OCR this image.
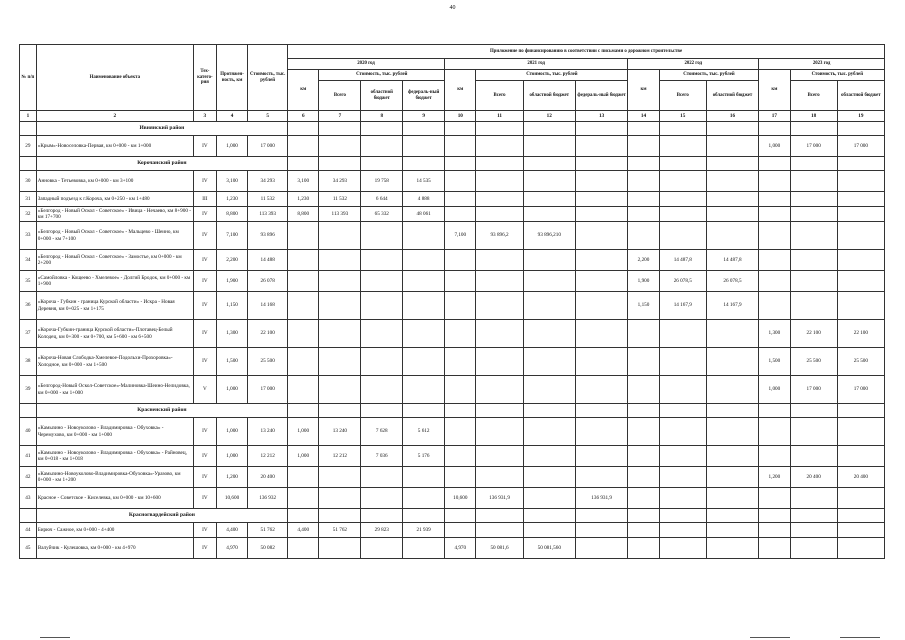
40
№ п/п	Наименование объекта	Тех-катего-рия	Протяжен-ность, км	Стоимость, тыс. рублей	Приложение по финансированию в соответствии с письмами о дорожном строительстве													
					2020 год				2021 год				2022 год			2023 год		
					км	Стоимость, тыс. рублей			км	Стоимость, тыс. рублей			км	Стоимость, тыс. рублей		км	Стоимость, тыс. рублей	
						Всего	областной бюджет	федераль-ный бюджет		Всего	областной бюджет	федераль-ный бюджет		Всего	областной бюджет		Всего	областной бюджет
1	2	3	4	5	6	7	8	9	10	11	12	13	14	15	16	17	18	19
	Ивнянский район																	
29	«Крым»-Новоселовка-Первая, км 0+000 - км 1+000	IV	1,000	17 000												1,000	17 000	17 000
	Корочанский район																	
30	Анновка - Тетьевовка, км 0+000 - км 3+100	IV	3,100	34 293	3,100	34 293	19 758	14 535										
31	Западный подъезд к г.Короча, км 0+250 - км 1+480	III	1,230	11 532	1,230	11 532	6 644	4 888										
32	«Белгород - Новый Оскол - Советское» - Ивица - Нечаево, км 8+900 - км 17+700	IV	8,800	113 393	8,800	113 393	65 332	48 061										
33	«Белгород - Новый Оскол - Советское» - Мальцево - Шеино, км 0+000 - км 7+100	IV	7,100	93 896					7,100	93 896,2	93 896,210							
34	«Белгород - Новый Оскол - Советское» - Замостье, км 0+000 - км 2+200	IV	2,200	14 488									2,200	14 487,8	14 487,8			
35	«Самойловка - Кощеево - Хмелевое» - Долгий Бродок, км 0+000 - км 1+900	IV	1,900	26 078									1,900	26 078,5	26 078,5			
36	«Короча - Губкин - граница Курской области» - Искра - Новая Деревня, км 0+025 - км 1+175	IV	1,150	14 168									1,150	14 167,9	14 167,9			
37	«Короча-Губкин-граница Курской области»-Плотавец-Белый Колодец, км 0+300 - км 0+700, км 5+600 - км 6+500	IV	1,300	22 100												1,300	22 100	22 100
38	«Короча-Новая Слободка-Хмелевое-Подольхи-Прохоровка»-Холодное, км 0+000 - км 1+500	IV	1,500	25 500												1,500	25 500	25 500
39	«Белгород-Новый Оскол-Советское»-Малиновка-Шеино-Нелидовка, км 0+000 - км 1+000	V	1,000	17 000												1,000	17 000	17 000
	Красненский район																	
40	«Камызино - Новоуколово - Владимировка - Обуховка» - Черемухово, км 0+000 - км 1+000	IV	1,000	13 240	1,000	13 240	7 628	5 612										
41	«Камызино - Новоуколово - Владимировка - Обуховка» - Райновец, км 0+018 - км 1+018	IV	1,000	12 212	1,000	12 212	7 036	5 176										
42	«Камызино-Новоуколово-Владимировка-Обуховка»-Уразово, км 0+000 - км 1+200	IV	1,200	20 400												1,200	20 400	20 400
43	Красное - Советское - Киселевка, км 0+000 - км 10+600	IV	10,600	136 932					10,600	136 931,9		136 931,9						
	Красногвардейский район																	
44	Бирюч - Сажное, км 0+000 - 4+400	IV	4,400	51 762	4,400	51 762	29 823	21 939										
45	Валуйчик - Кулешовка, км 0+000 - км 4+970	IV	4,970	50 082					4,970	50 081,6	50 081,560							
